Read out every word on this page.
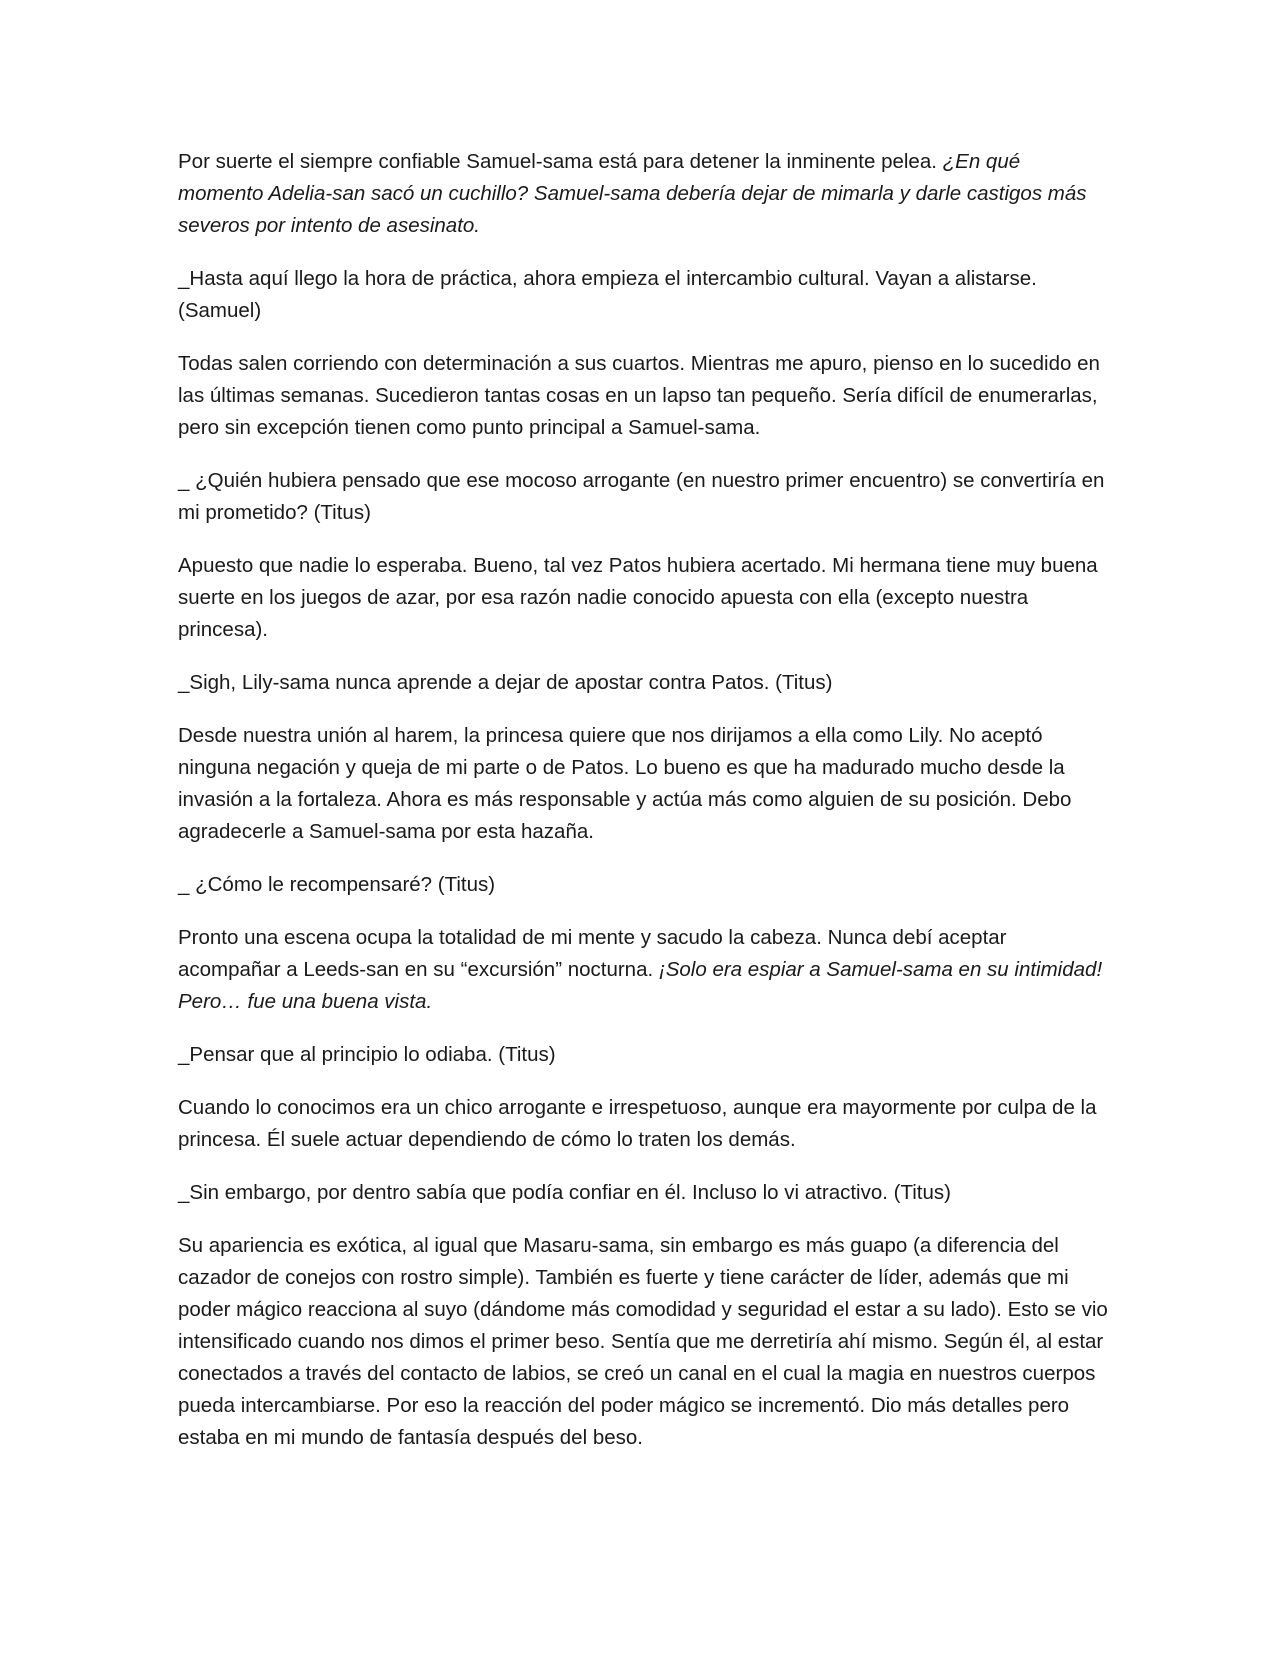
Por suerte el siempre confiable Samuel-sama está para detener la inminente pelea. ¿En qué momento Adelia-san sacó un cuchillo? Samuel-sama debería dejar de mimarla y darle castigos más severos por intento de asesinato.

_Hasta aquí llego la hora de práctica, ahora empieza el intercambio cultural. Vayan a alistarse. (Samuel)

Todas salen corriendo con determinación a sus cuartos. Mientras me apuro, pienso en lo sucedido en las últimas semanas. Sucedieron tantas cosas en un lapso tan pequeño. Sería difícil de enumerarlas, pero sin excepción tienen como punto principal a Samuel-sama.

_ ¿Quién hubiera pensado que ese mocoso arrogante (en nuestro primer encuentro) se convertiría en mi prometido? (Titus)

Apuesto que nadie lo esperaba. Bueno, tal vez Patos hubiera acertado. Mi hermana tiene muy buena suerte en los juegos de azar, por esa razón nadie conocido apuesta con ella (excepto nuestra princesa).

_Sigh, Lily-sama nunca aprende a dejar de apostar contra Patos. (Titus)

Desde nuestra unión al harem, la princesa quiere que nos dirijamos a ella como Lily. No aceptó ninguna negación y queja de mi parte o de Patos. Lo bueno es que ha madurado mucho desde la invasión a la fortaleza. Ahora es más responsable y actúa más como alguien de su posición. Debo agradecerle a Samuel-sama por esta hazaña.

_ ¿Cómo le recompensaré? (Titus)

Pronto una escena ocupa la totalidad de mi mente y sacudo la cabeza. Nunca debí aceptar acompañar a Leeds-san en su “excursión” nocturna. ¡Solo era espiar a Samuel-sama en su intimidad! Pero… fue una buena vista.

_Pensar que al principio lo odiaba. (Titus)

Cuando lo conocimos era un chico arrogante e irrespetuoso, aunque era mayormente por culpa de la princesa. Él suele actuar dependiendo de cómo lo traten los demás.

_Sin embargo, por dentro sabía que podía confiar en él. Incluso lo vi atractivo. (Titus)

Su apariencia es exótica, al igual que Masaru-sama, sin embargo es más guapo (a diferencia del cazador de conejos con rostro simple). También es fuerte y tiene carácter de líder, además que mi poder mágico reacciona al suyo (dándome más comodidad y seguridad el estar a su lado). Esto se vio intensificado cuando nos dimos el primer beso. Sentía que me derretiría ahí mismo. Según él, al estar conectados a través del contacto de labios, se creó un canal en el cual la magia en nuestros cuerpos pueda intercambiarse. Por eso la reacción del poder mágico se incrementó. Dio más detalles pero estaba en mi mundo de fantasía después del beso.
